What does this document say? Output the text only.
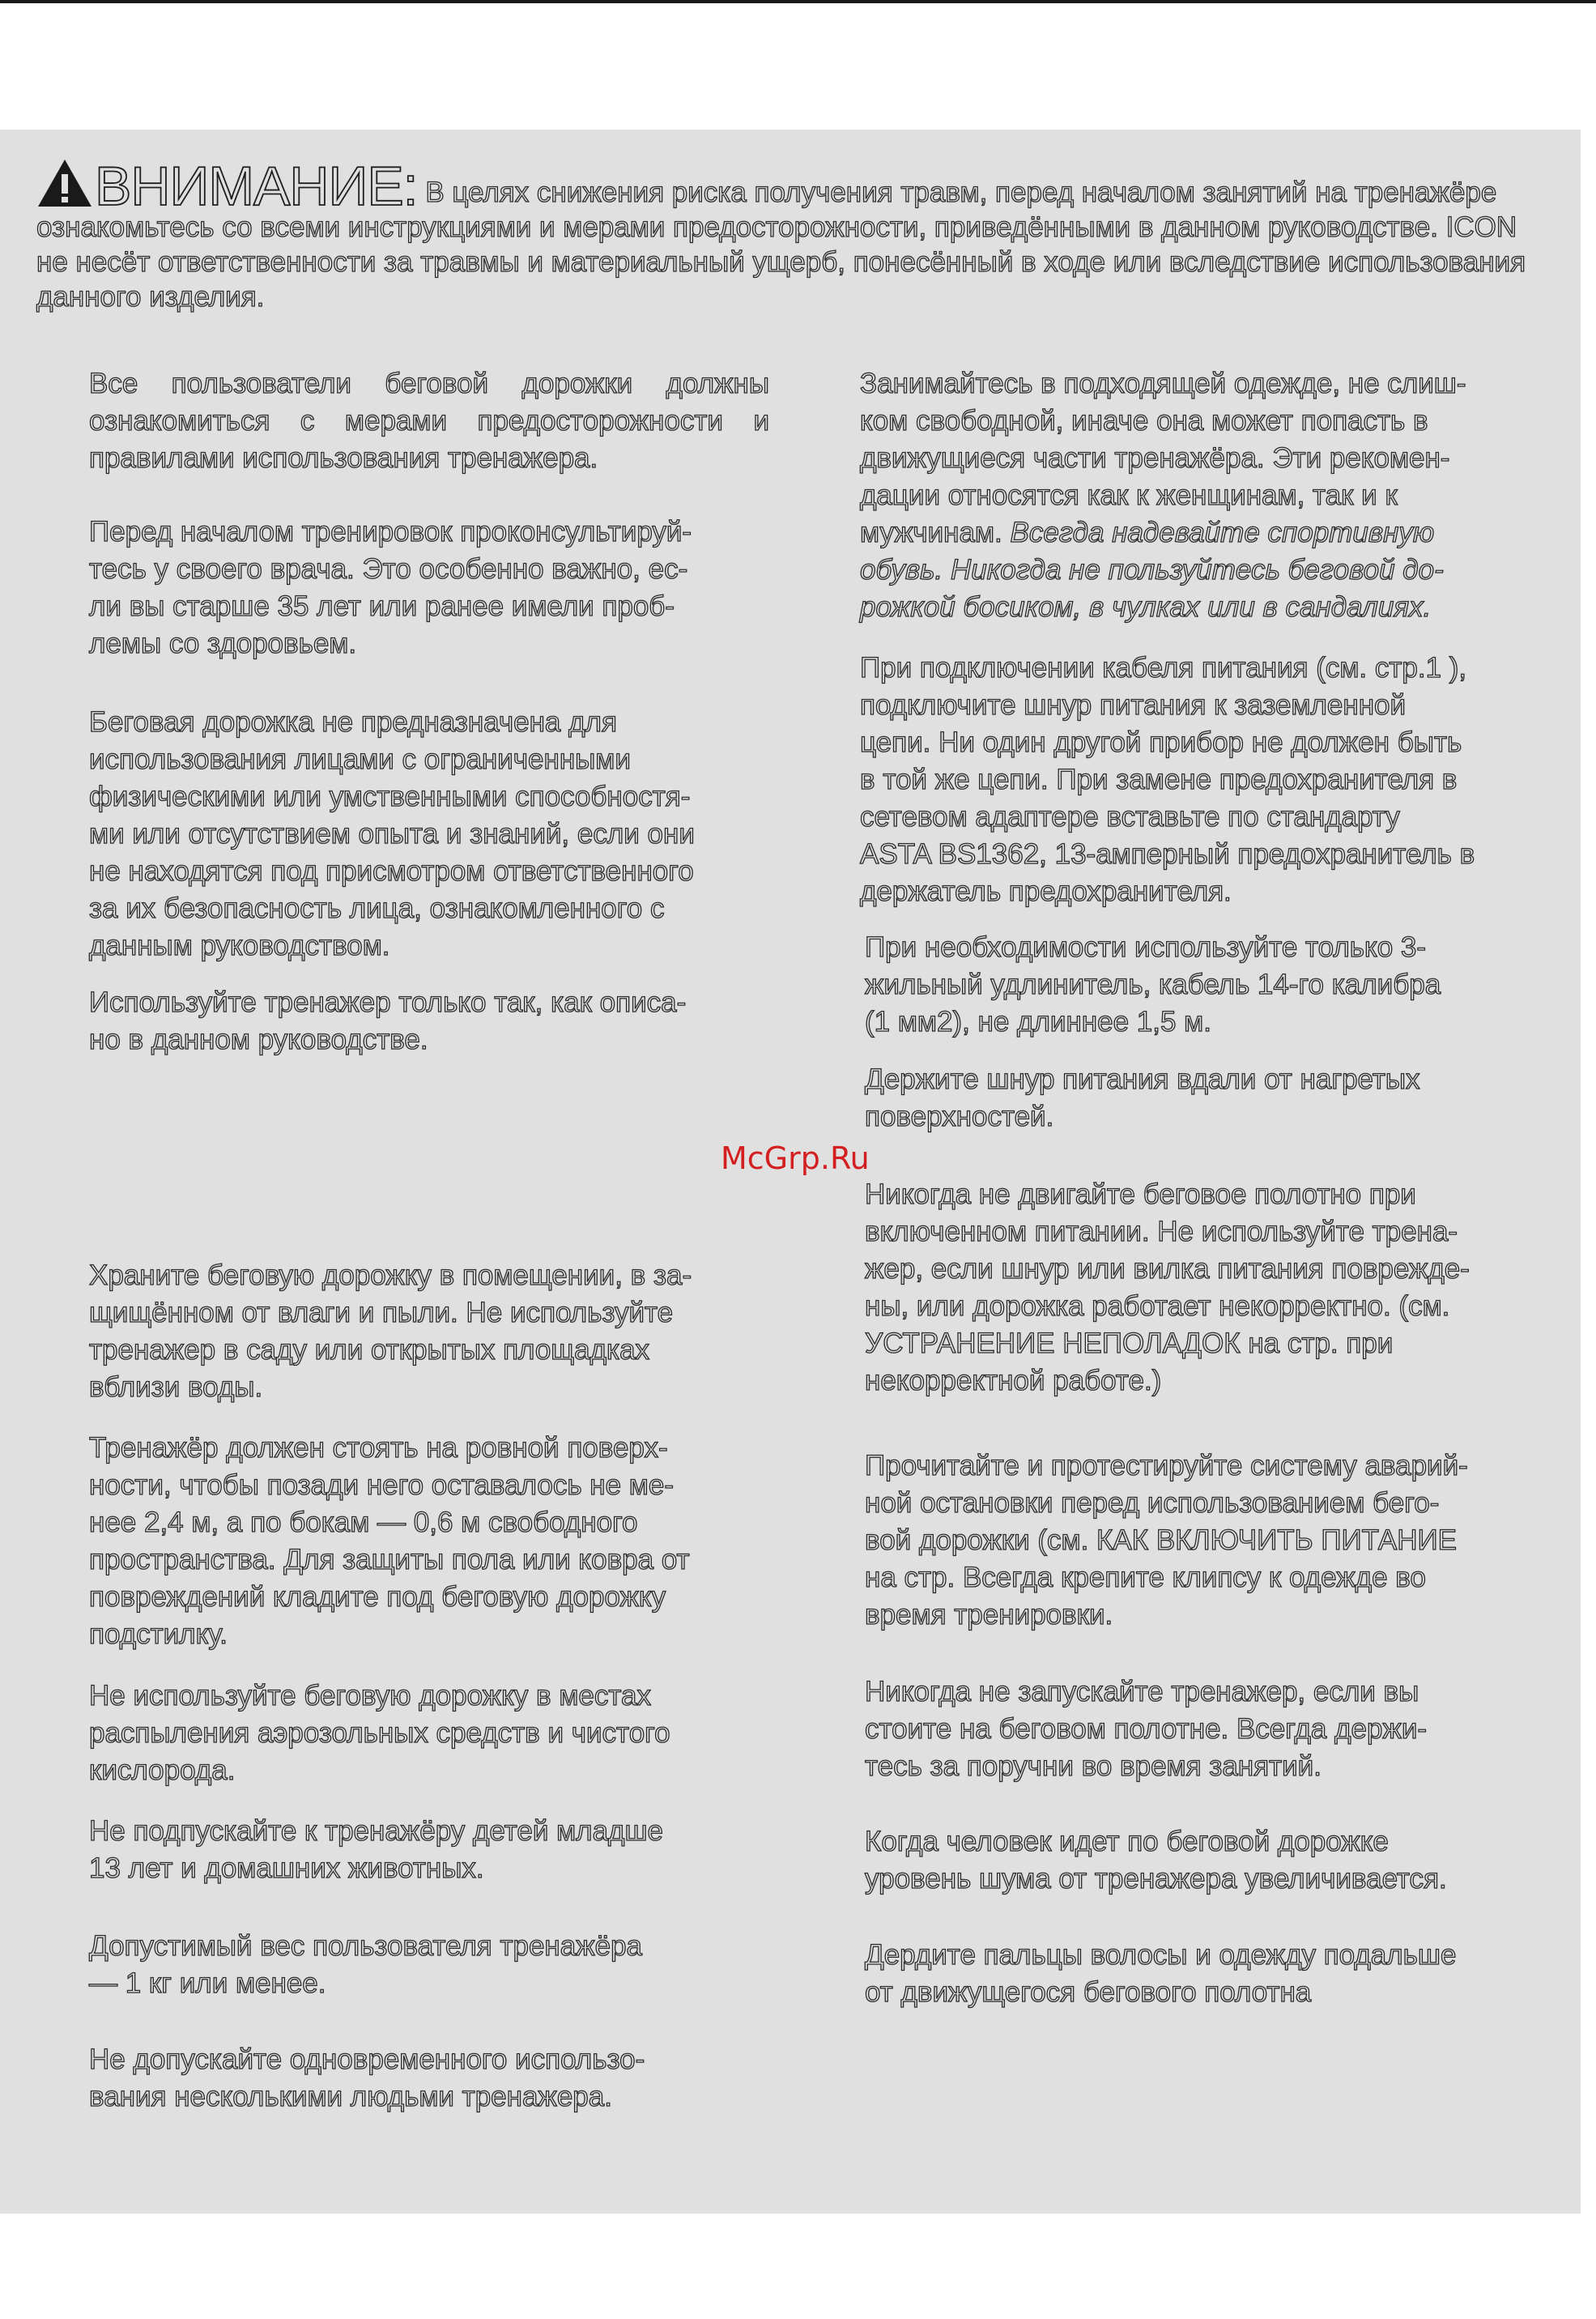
ВНИМАНИЕ: В целях снижения риска получения травм, перед началом занятий на тренажёре ознакомьтесь со всеми инструкциями и мерами предосторожности, приведёнными в данном руководстве. ICON не несёт ответственности за травмы и материальный ущерб, понесённый в ходе или вследствие использования данного изделия.

Все пользователи беговой дорожки должны ознакомиться с мерами предосторожности и правилами использования тренажера.

Перед началом тренировок проконсультируй-
тесь у своего врача. Это особенно важно, ес-
ли вы старше 35 лет или ранее имели проб-
лемы со здоровьем.

Беговая дорожка не предназначена для
использования лицами с ограниченными
физическими или умственными способностя-
ми или отсутствием опыта и знаний, если они
не находятся под присмотром ответственного
за их безопасность лица, ознакомленного с
данным руководством.

Используйте тренажер только так, как описа-
но в данном руководстве.

Храните беговую дорожку в помещении, в за-
щищённом от влаги и пыли. Не используйте
тренажер в саду или открытых площадках
вблизи воды.

Тренажёр должен стоять на ровной поверх-
ности, чтобы позади него оставалось не ме-
нее 2,4 м, а по бокам — 0,6 м свободного
пространства. Для защиты пола или ковра от
повреждений кладите под беговую дорожку
подстилку.

Не используйте беговую дорожку в местах
распыления аэрозольных средств и чистого
кислорода.

Не подпускайте к тренажёру детей младше
13 лет и домашних животных.

Допустимый вес пользователя тренажёра
— 1 кг или менее.

Не допускайте одновременного использо-
вания несколькими людьми тренажера.

Занимайтесь в подходящей одежде, не слиш-
ком свободной, иначе она может попасть в
движущиеся части тренажёра. Эти рекомен-
дации относятся как к женщинам, так и к
мужчинам. Всегда надевайте спортивную
обувь. Никогда не пользуйтесь беговой до-
рожкой босиком, в чулках или в сандалиях.

При подключении кабеля питания (см. стр.1 ),
подключите шнур питания к заземленной
цепи. Ни один другой прибор не должен быть
в той же цепи. При замене предохранителя в
сетевом адаптере вставьте по стандарту
ASTA BS1362, 13-амперный предохранитель в
держатель предохранителя.

При необходимости используйте только 3-
жильный удлинитель, кабель 14-го калибра
(1 мм2), не длиннее 1,5 м.

Держите шнур питания вдали от нагретых
поверхностей.

Никогда не двигайте беговое полотно при
включенном питании. Не используйте трена-
жер, если шнур или вилка питания поврежде-
ны, или дорожка работает некорректно. (см.
УСТРАНЕНИЕ НЕПОЛАДОК на стр. при
некорректной работе.)

Прочитайте и протестируйте систему аварий-
ной остановки перед использованием бего-
вой дорожки (см. КАК ВКЛЮЧИТЬ ПИТАНИЕ
на стр. Всегда крепите клипсу к одежде во
время тренировки.

Никогда не запускайте тренажер, если вы
стоите на беговом полотне. Всегда держи-
тесь за поручни во время занятий.

Когда человек идет по беговой дорожке
уровень шума от тренажера увеличивается.

Дердите пальцы волосы и одежду подальше
от движущегося бегового полотна

McGrp.Ru
